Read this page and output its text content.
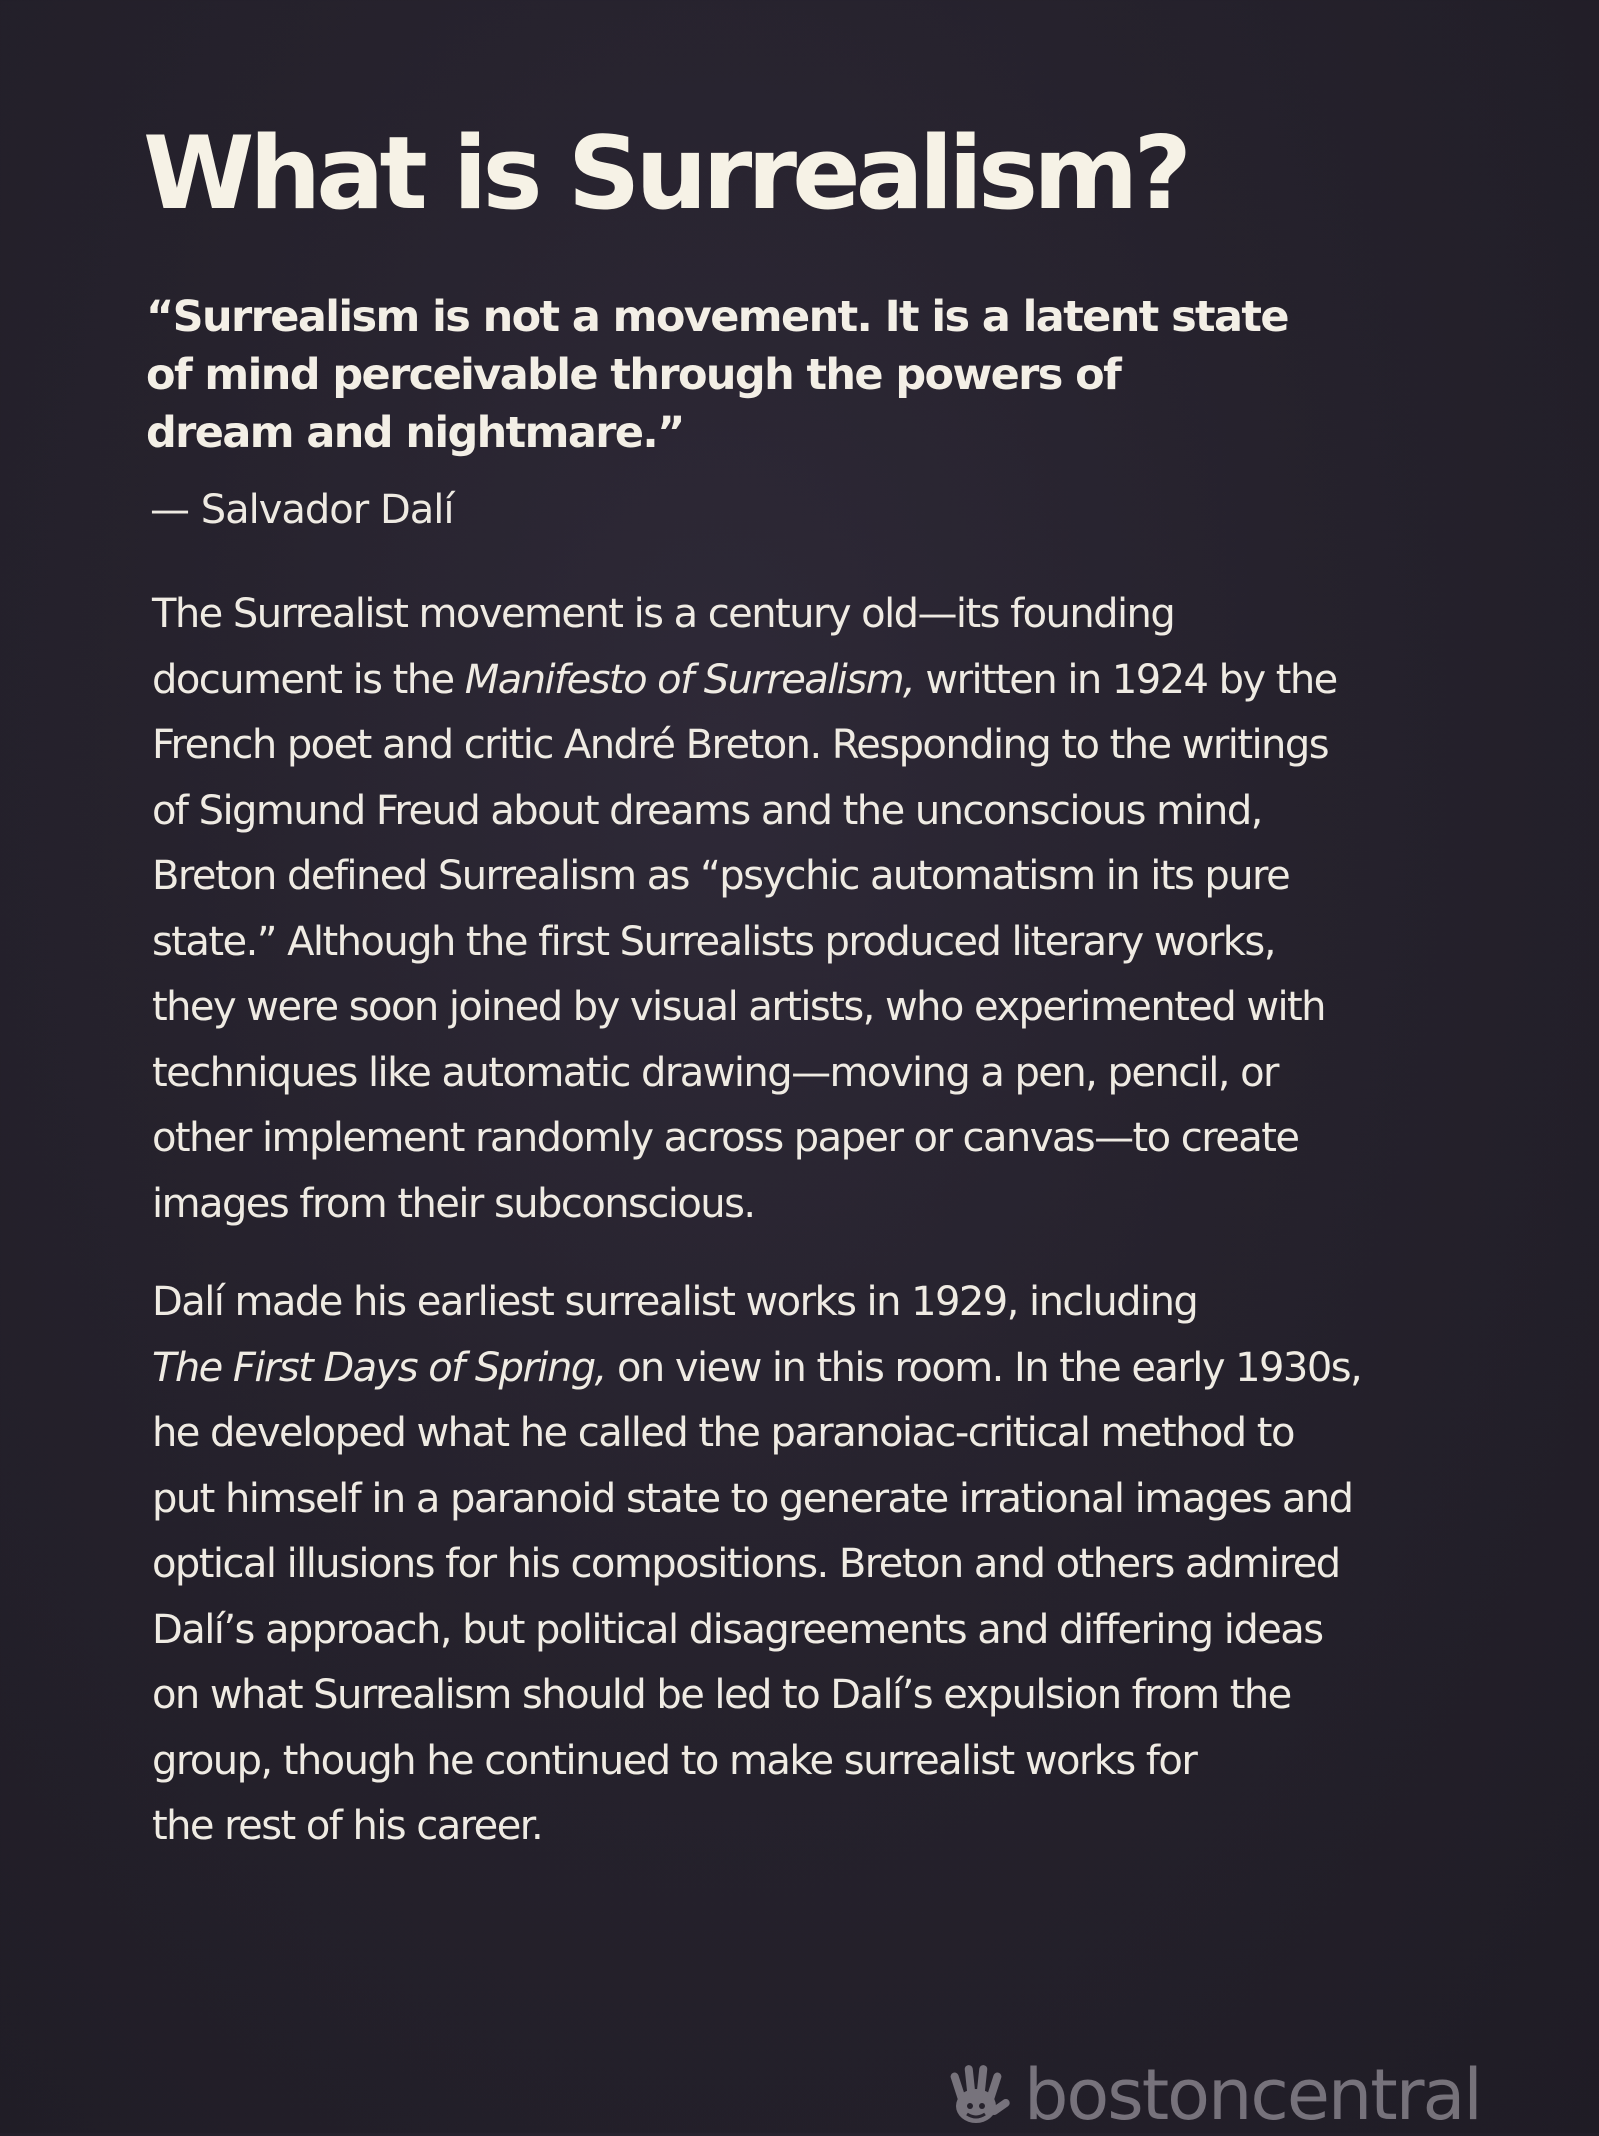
What is Surrealism?
“Surrealism is not a movement. It is a latent state
of mind perceivable through the powers of
dream and nightmare.”
— Salvador Dalí
The Surrealist movement is a century old—its founding
document is the Manifesto of Surrealism, written in 1924 by the
French poet and critic André Breton. Responding to the writings
of Sigmund Freud about dreams and the unconscious mind,
Breton defined Surrealism as “psychic automatism in its pure
state.” Although the first Surrealists produced literary works,
they were soon joined by visual artists, who experimented with
techniques like automatic drawing—moving a pen, pencil, or
other implement randomly across paper or canvas—to create
images from their subconscious.
Dalí made his earliest surrealist works in 1929, including
The First Days of Spring, on view in this room. In the early 1930s,
he developed what he called the paranoiac-critical method to
put himself in a paranoid state to generate irrational images and
optical illusions for his compositions. Breton and others admired
Dalí’s approach, but political disagreements and differing ideas
on what Surrealism should be led to Dalí’s expulsion from the
group, though he continued to make surrealist works for
the rest of his career.
bostoncentral
